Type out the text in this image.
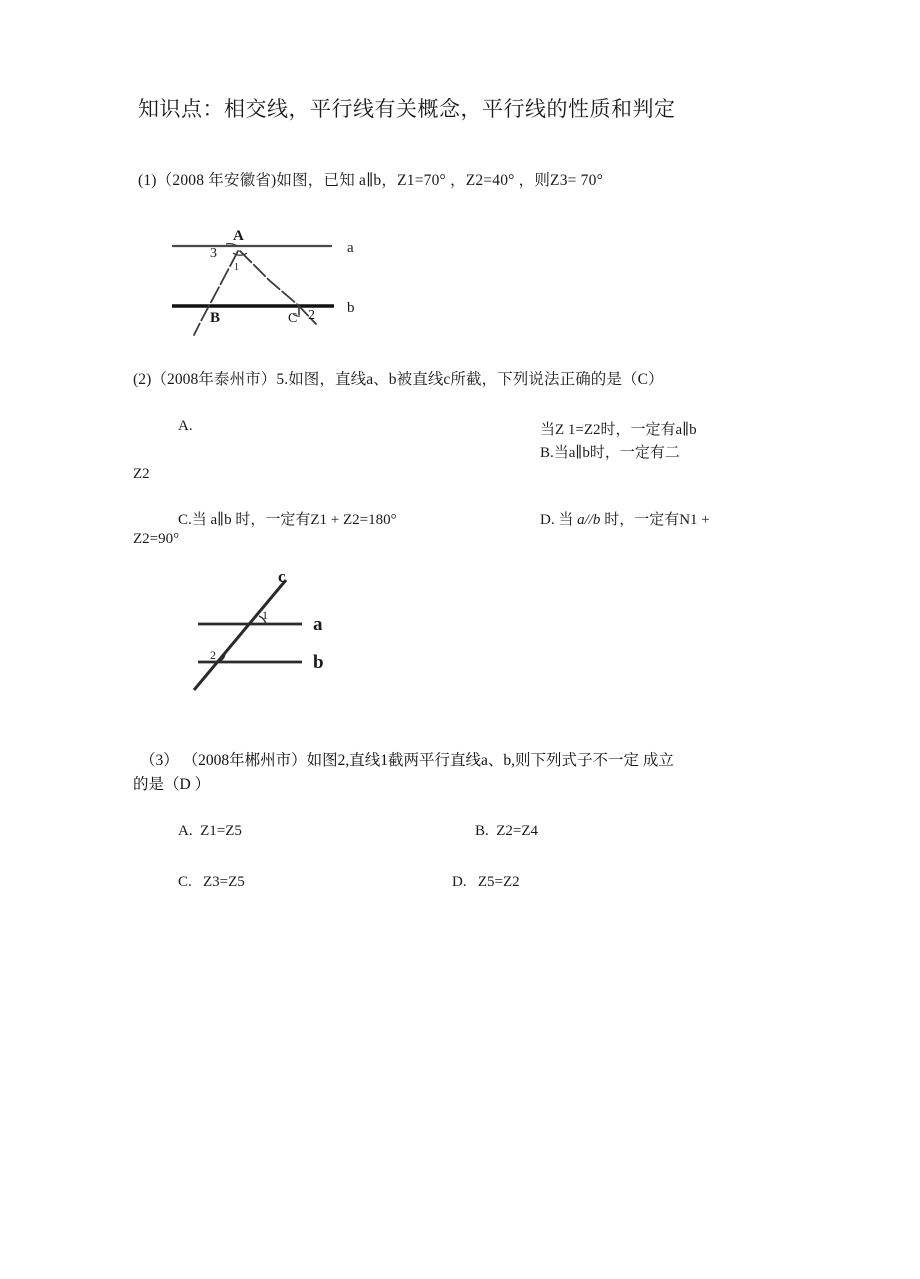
知识点：相交线，平行线有关概念，平行线的性质和判定
(1)（2008 年安徽省)如图，已知 a∥b，Z1=70° ，Z2=40° ，则Z3= 70°
A
3
1
B	C 2
a
b
(2)（2008年泰州市）5.如图，直线a、b被直线c所截，下列说法正确的是（C）
A.	当Z 1=Z2时，一定有a∥b
B.当a∥b时，一定有二
Z2
C.当 a∥b 时，一定有Z1 + Z2=180°	D. 当 a//b 时，一定有N1 +
Z2=90°
c
1
2
a
b
（3） （2008年郴州市）如图2,直线1截两平行直线a、b,则下列式子不一定 成立
的是（D ）
A. Z1=Z5	B. Z2=Z4
C. Z3=Z5	D. Z5=Z2
